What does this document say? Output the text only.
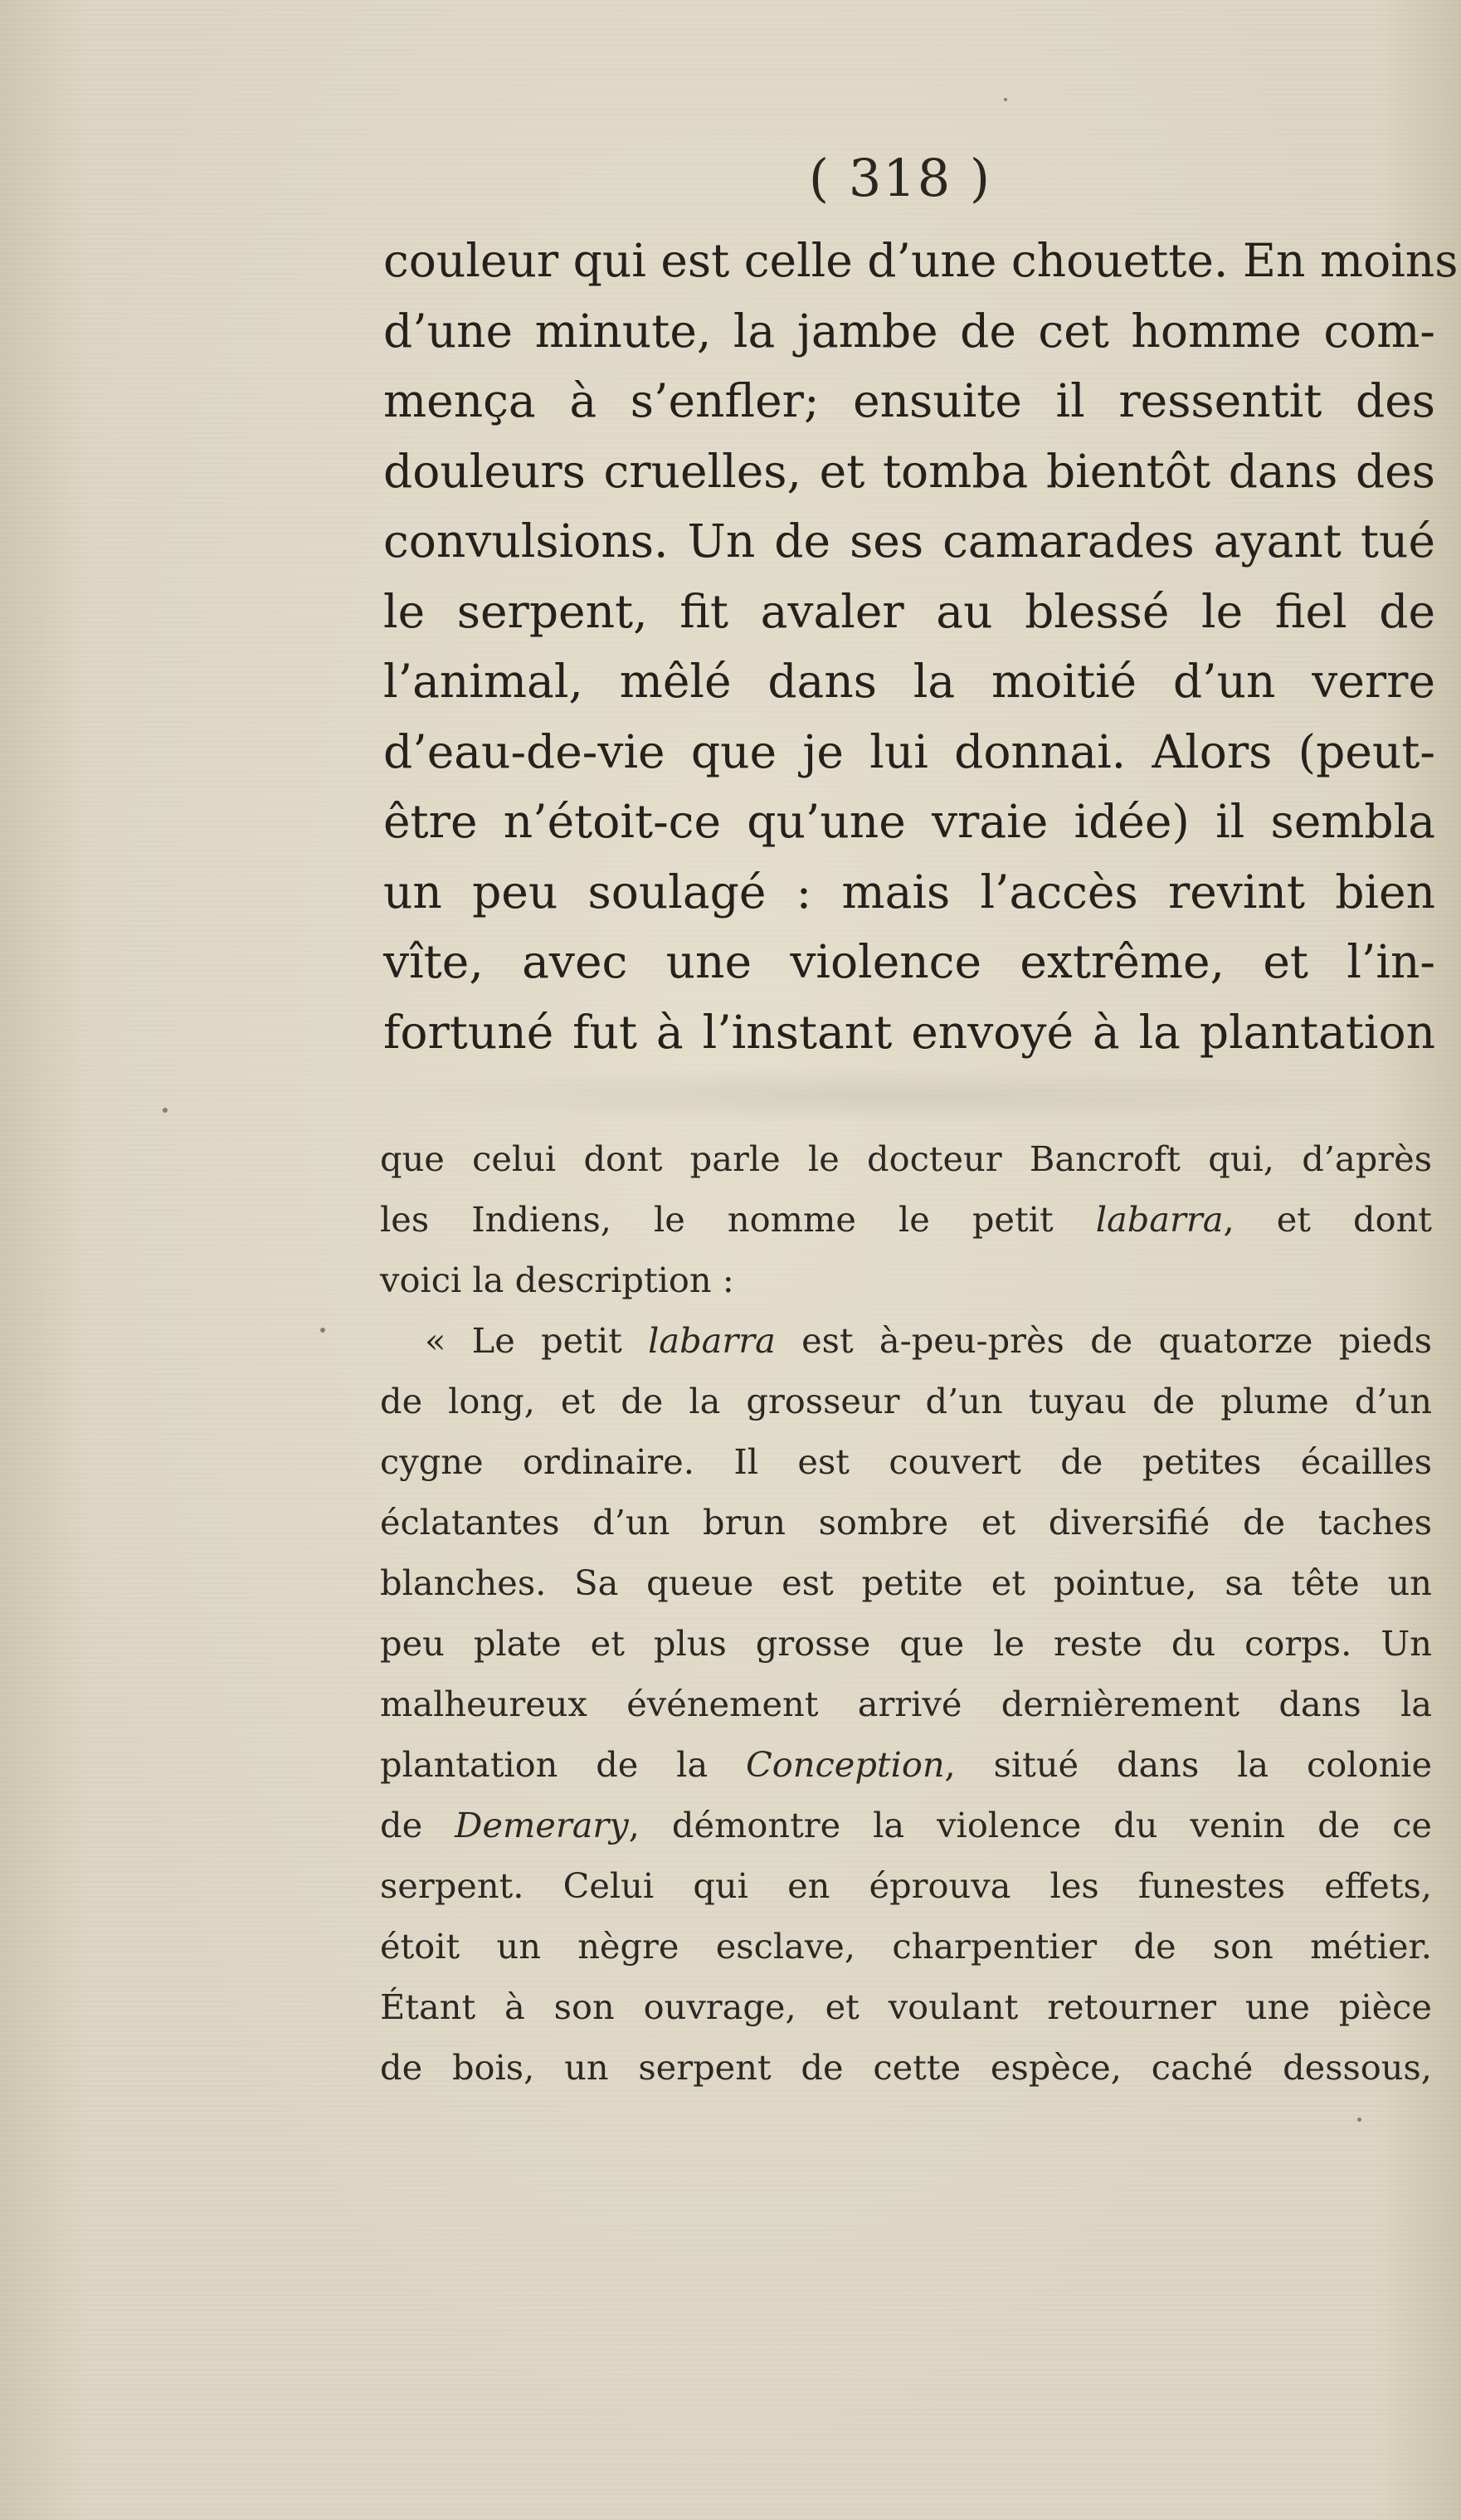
( 318 )
couleur qui est celle d’une chouette. En moins
d’une minute, la jambe de cet homme com-
mença à s’enfler; ensuite il ressentit des
douleurs cruelles, et tomba bientôt dans des
convulsions. Un de ses camarades ayant tué
le serpent, fit avaler au blessé le fiel de
l’animal, mêlé dans la moitié d’un verre
d’eau-de-vie que je lui donnai. Alors (peut-
être n’étoit-ce qu’une vraie idée) il sembla
un peu soulagé : mais l’accès revint bien
vîte, avec une violence extrême, et l’in-
fortuné fut à l’instant envoyé à la plantation
que celui dont parle le docteur Bancroft qui, d’après
les Indiens, le nomme le petit labarra, et dont
voici la description :
« Le petit labarra est à-peu-près de quatorze pieds
de long, et de la grosseur d’un tuyau de plume d’un
cygne ordinaire. Il est couvert de petites écailles
éclatantes d’un brun sombre et diversifié de taches
blanches. Sa queue est petite et pointue, sa tête un
peu plate et plus grosse que le reste du corps. Un
malheureux événement arrivé dernièrement dans la
plantation de la Conception, situé dans la colonie
de Demerary, démontre la violence du venin de ce
serpent. Celui qui en éprouva les funestes effets,
étoit un nègre esclave, charpentier de son métier.
Étant à son ouvrage, et voulant retourner une pièce
de bois, un serpent de cette espèce, caché dessous,
